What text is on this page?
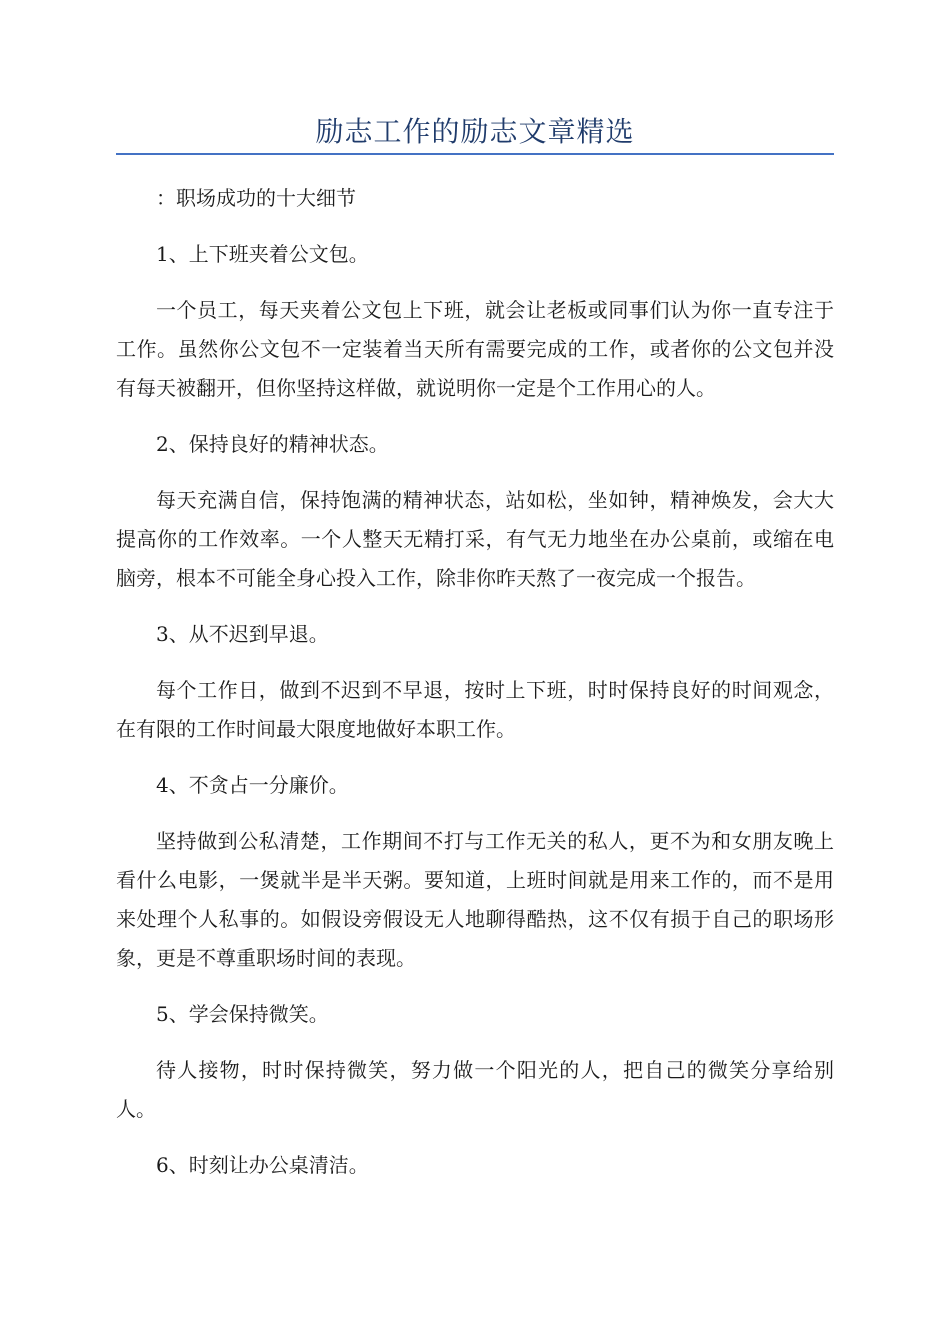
励志工作的励志文章精选

：职场成功的十大细节

1、上下班夹着公文包。

一个员工，每天夹着公文包上下班，就会让老板或同事们认为你一直专注于工作。虽然你公文包不一定装着当天所有需要完成的工作，或者你的公文包并没有每天被翻开，但你坚持这样做，就说明你一定是个工作用心的人。

2、保持良好的精神状态。

每天充满自信，保持饱满的精神状态，站如松，坐如钟，精神焕发，会大大提高你的工作效率。一个人整天无精打采，有气无力地坐在办公桌前，或缩在电脑旁，根本不可能全身心投入工作，除非你昨天熬了一夜完成一个报告。

3、从不迟到早退。

每个工作日，做到不迟到不早退，按时上下班，时时保持良好的时间观念，在有限的工作时间最大限度地做好本职工作。

4、不贪占一分廉价。

坚持做到公私清楚，工作期间不打与工作无关的私人，更不为和女朋友晚上看什么电影，一煲就半是半天粥。要知道，上班时间就是用来工作的，而不是用来处理个人私事的。如假设旁假设无人地聊得酷热，这不仅有损于自己的职场形象，更是不尊重职场时间的表现。

5、学会保持微笑。

待人接物，时时保持微笑，努力做一个阳光的人，把自己的微笑分享给别人。

6、时刻让办公桌清洁。
